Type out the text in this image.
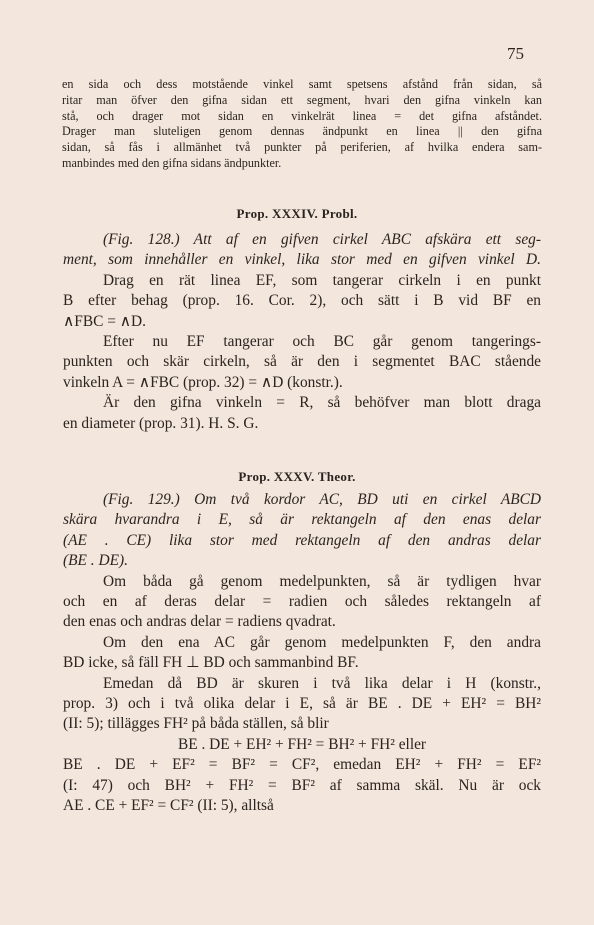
75
en sida och dess motstående vinkel samt spetsens afstånd från sidan, så
ritar man öfver den gifna sidan ett segment, hvari den gifna vinkeln kan
stå, och drager mot sidan en vinkelrät linea = det gifna afståndet.
Drager man sluteligen genom dennas ändpunkt en linea || den gifna
sidan, så fås i allmänhet två punkter på periferien, af hvilka endera sam-
manbindes med den gifna sidans ändpunkter.
Prop. XXXIV. Probl.
(Fig. 128.) Att af en gifven cirkel ABC afskära ett seg-
ment, som innehåller en vinkel, lika stor med en gifven vinkel D.
Drag en rät linea EF, som tangerar cirkeln i en punkt
B efter behag (prop. 16. Cor. 2), och sätt i B vid BF en
∧FBC = ∧D.
Efter nu EF tangerar och BC går genom tangerings-
punkten och skär cirkeln, så är den i segmentet BAC stående
vinkeln A = ∧FBC (prop. 32) = ∧D (konstr.).
Är den gifna vinkeln = R, så behöfver man blott draga
en diameter (prop. 31). H. S. G.
Prop. XXXV. Theor.
(Fig. 129.) Om två kordor AC, BD uti en cirkel ABCD
skära hvarandra i E, så är rektangeln af den enas delar
(AE . CE) lika stor med rektangeln af den andras delar
(BE . DE).
Om båda gå genom medelpunkten, så är tydligen hvar
och en af deras delar = radien och således rektangeln af
den enas och andras delar = radiens qvadrat.
Om den ena AC går genom medelpunkten F, den andra
BD icke, så fäll FH ⊥ BD och sammanbind BF.
Emedan då BD är skuren i två lika delar i H (konstr.,
prop. 3) och i två olika delar i E, så är BE . DE + EH² = BH²
(II: 5); tillägges FH² på båda ställen, så blir
BE . DE + EH² + FH² = BH² + FH² eller
BE . DE + EF² = BF² = CF², emedan EH² + FH² = EF²
(I: 47) och BH² + FH² = BF² af samma skäl. Nu är ock
AE . CE + EF² = CF² (II: 5), alltså
